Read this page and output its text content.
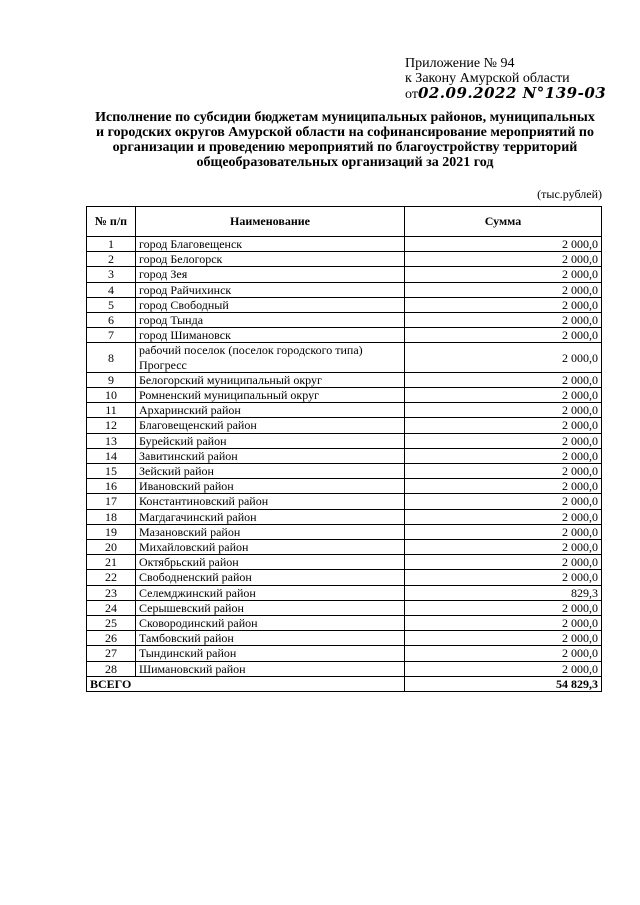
Приложение № 94
к Закону Амурской области
от02.09.2022 N°139-03
Исполнение по субсидии бюджетам муниципальных районов, муниципальных и городских округов Амурской области на софинансирование мероприятий по организации и проведению мероприятий по благоустройству территорий общеобразовательных организаций за 2021 год
(тыс.рублей)
№ п/п	Наименование	Сумма
1	город Благовещенск	2 000,0
2	город Белогорск	2 000,0
3	город Зея	2 000,0
4	город Райчихинск	2 000,0
5	город Свободный	2 000,0
6	город Тында	2 000,0
7	город Шимановск	2 000,0
8	рабочий поселок (поселок городского типа) Прогресс	2 000,0
9	Белогорский муниципальный округ	2 000,0
10	Ромненский муниципальный округ	2 000,0
11	Архаринский район	2 000,0
12	Благовещенский район	2 000,0
13	Бурейский район	2 000,0
14	Завитинский район	2 000,0
15	Зейский район	2 000,0
16	Ивановский район	2 000,0
17	Константиновский район	2 000,0
18	Магдагачинский район	2 000,0
19	Мазановский район	2 000,0
20	Михайловский район	2 000,0
21	Октябрьский район	2 000,0
22	Свободненский район	2 000,0
23	Селемджинский район	829,3
24	Серышевский район	2 000,0
25	Сковородинский район	2 000,0
26	Тамбовский район	2 000,0
27	Тындинский район	2 000,0
28	Шимановский район	2 000,0
ВСЕГО		54 829,3
